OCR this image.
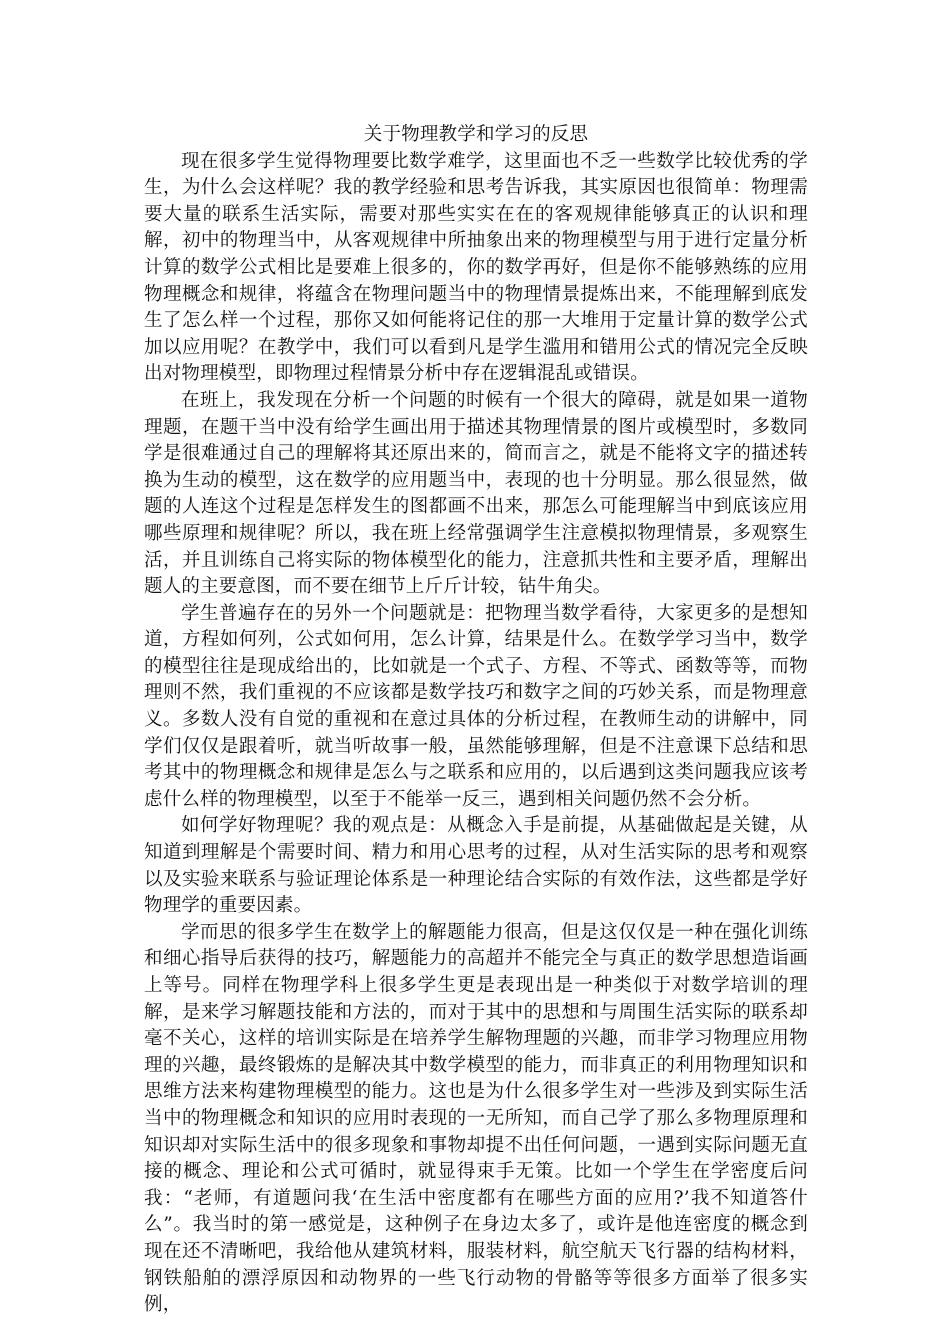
关于物理教学和学习的反思

现在很多学生觉得物理要比数学难学，这里面也不乏一些数学比较优秀的学生，为什么会这样呢？我的教学经验和思考告诉我，其实原因也很简单：物理需要大量的联系生活实际，需要对那些实实在在的客观规律能够真正的认识和理解，初中的物理当中，从客观规律中所抽象出来的物理模型与用于进行定量分析计算的数学公式相比是要难上很多的，你的数学再好，但是你不能够熟练的应用物理概念和规律，将蕴含在物理问题当中的物理情景提炼出来，不能理解到底发生了怎么样一个过程，那你又如何能将记住的那一大堆用于定量计算的数学公式加以应用呢？在教学中，我们可以看到凡是学生滥用和错用公式的情况完全反映出对物理模型，即物理过程情景分析中存在逻辑混乱或错误。

在班上，我发现在分析一个问题的时候有一个很大的障碍，就是如果一道物理题，在题干当中没有给学生画出用于描述其物理情景的图片或模型时，多数同学是很难通过自己的理解将其还原出来的，简而言之，就是不能将文字的描述转换为生动的模型，这在数学的应用题当中，表现的也十分明显。那么很显然，做题的人连这个过程是怎样发生的图都画不出来，那怎么可能理解当中到底该应用哪些原理和规律呢？所以，我在班上经常强调学生注意模拟物理情景，多观察生活，并且训练自己将实际的物体模型化的能力，注意抓共性和主要矛盾，理解出题人的主要意图，而不要在细节上斤斤计较，钻牛角尖。

学生普遍存在的另外一个问题就是：把物理当数学看待，大家更多的是想知道，方程如何列，公式如何用，怎么计算，结果是什么。在数学学习当中，数学的模型往往是现成给出的，比如就是一个式子、方程、不等式、函数等等，而物理则不然，我们重视的不应该都是数学技巧和数字之间的巧妙关系，而是物理意义。多数人没有自觉的重视和在意过具体的分析过程，在教师生动的讲解中，同学们仅仅是跟着听，就当听故事一般，虽然能够理解，但是不注意课下总结和思考其中的物理概念和规律是怎么与之联系和应用的，以后遇到这类问题我应该考虑什么样的物理模型，以至于不能举一反三，遇到相关问题仍然不会分析。

如何学好物理呢？我的观点是：从概念入手是前提，从基础做起是关键，从知道到理解是个需要时间、精力和用心思考的过程，从对生活实际的思考和观察以及实验来联系与验证理论体系是一种理论结合实际的有效作法，这些都是学好物理学的重要因素。

学而思的很多学生在数学上的解题能力很高，但是这仅仅是一种在强化训练和细心指导后获得的技巧，解题能力的高超并不能完全与真正的数学思想造诣画上等号。同样在物理学科上很多学生更是表现出是一种类似于对数学培训的理解，是来学习解题技能和方法的，而对于其中的思想和与周围生活实际的联系却毫不关心，这样的培训实际是在培养学生解物理题的兴趣，而非学习物理应用物理的兴趣，最终锻炼的是解决其中数学模型的能力，而非真正的利用物理知识和思维方法来构建物理模型的能力。这也是为什么很多学生对一些涉及到实际生活当中的物理概念和知识的应用时表现的一无所知，而自己学了那么多物理原理和知识却对实际生活中的很多现象和事物却提不出任何问题，一遇到实际问题无直接的概念、理论和公式可循时，就显得束手无策。比如一个学生在学密度后问我：“老师，有道题问我‘在生活中密度都有在哪些方面的应用?’我不知道答什么”。我当时的第一感觉是，这种例子在身边太多了，或许是他连密度的概念到现在还不清晰吧，我给他从建筑材料，服装材料，航空航天飞行器的结构材料，钢铁船舶的漂浮原因和动物界的一些飞行动物的骨骼等等很多方面举了很多实例，
